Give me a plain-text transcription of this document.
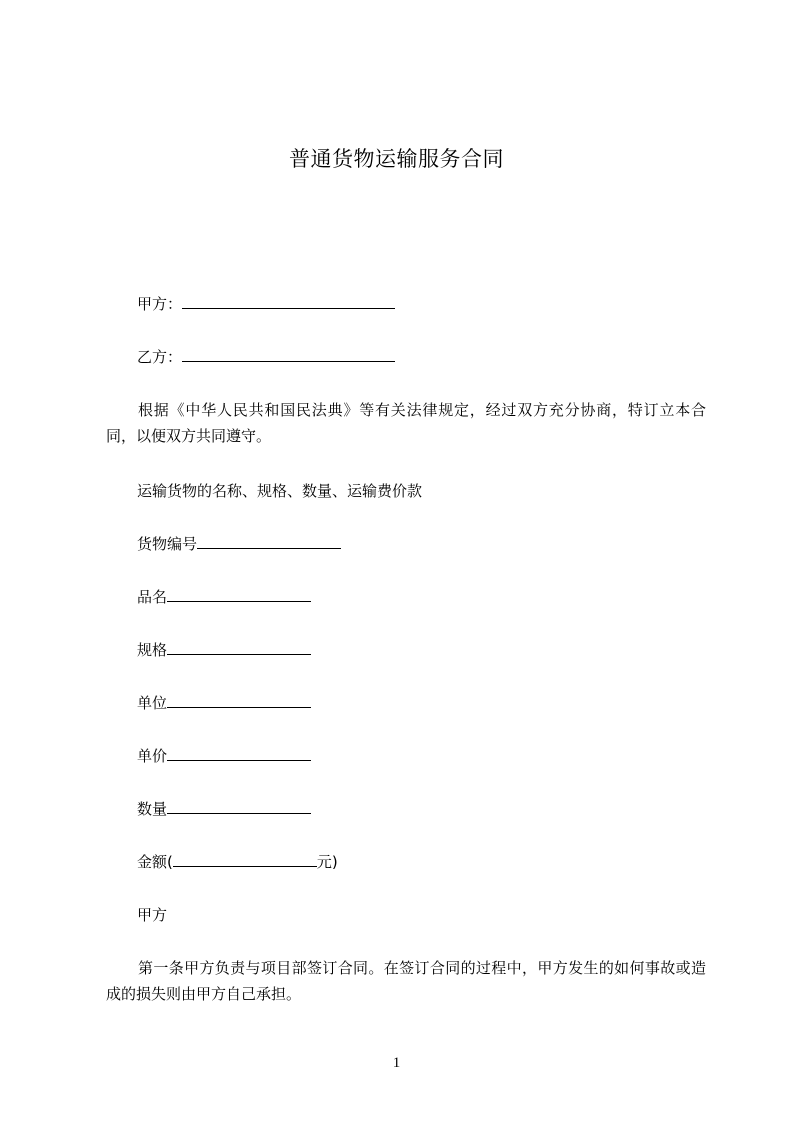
普通货物运输服务合同
甲方：
乙方：
根据《中华人民共和国民法典》等有关法律规定，经过双方充分协商，特订立本合同，以便双方共同遵守。
运输货物的名称、规格、数量、运输费价款
货物编号
品名
规格
单位
单价
数量
金额(	元)
甲方
第一条甲方负责与项目部签订合同。在签订合同的过程中，甲方发生的如何事故或造成的损失则由甲方自己承担。
1
